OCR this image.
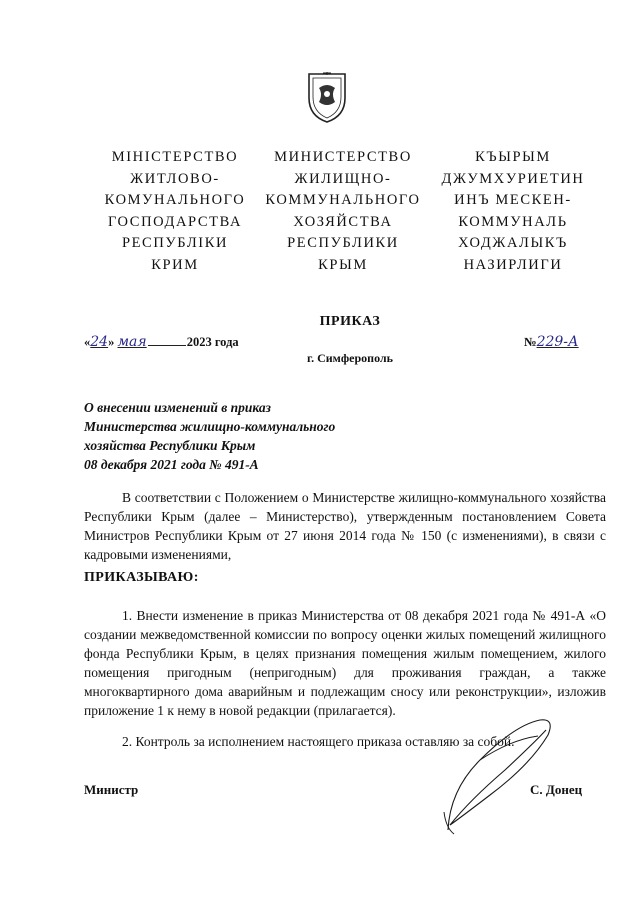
МІНІСТЕРСТВО
ЖИТЛОВО-
КОМУНАЛЬНОГО
ГОСПОДАРСТВА
РЕСПУБЛІКИ
КРИМ
МИНИСТЕРСТВО
ЖИЛИЩНО-
КОММУНАЛЬНОГО
ХОЗЯЙСТВА
РЕСПУБЛИКИ
КРЫМ
КЪЫРЫМ
ДЖУМХУРИЕТИН
ИНЪ МЕСКЕН-
КОММУНАЛЬ
ХОДЖАЛЫКЪ
НАЗИРЛИГИ
ПРИКАЗ
г. Симферополь
«24» мая	2023 года	№229-А
О внесении изменений в приказ
Министерства жилищно-коммунального
хозяйства Республики Крым
08 декабря 2021 года № 491-А

В соответствии с Положением о Министерстве жилищно-коммунального хозяйства Республики Крым (далее – Министерство), утвержденным постановлением Совета Министров Республики Крым от 27 июня 2014 года № 150 (с изменениями), в связи с кадровыми изменениями,

ПРИКАЗЫВАЮ:

1. Внести изменение в приказ Министерства от 08 декабря 2021 года № 491-А «О создании межведомственной комиссии по вопросу оценки жилых помещений жилищного фонда Республики Крым, в целях признания помещения жилым помещением, жилого помещения пригодным (непригодным) для проживания граждан, а также многоквартирного дома аварийным и подлежащим сносу или реконструкции», изложив приложение 1 к нему в новой редакции (прилагается).

2. Контроль за исполнением настоящего приказа оставляю за собой.

Министр	С. Донец
